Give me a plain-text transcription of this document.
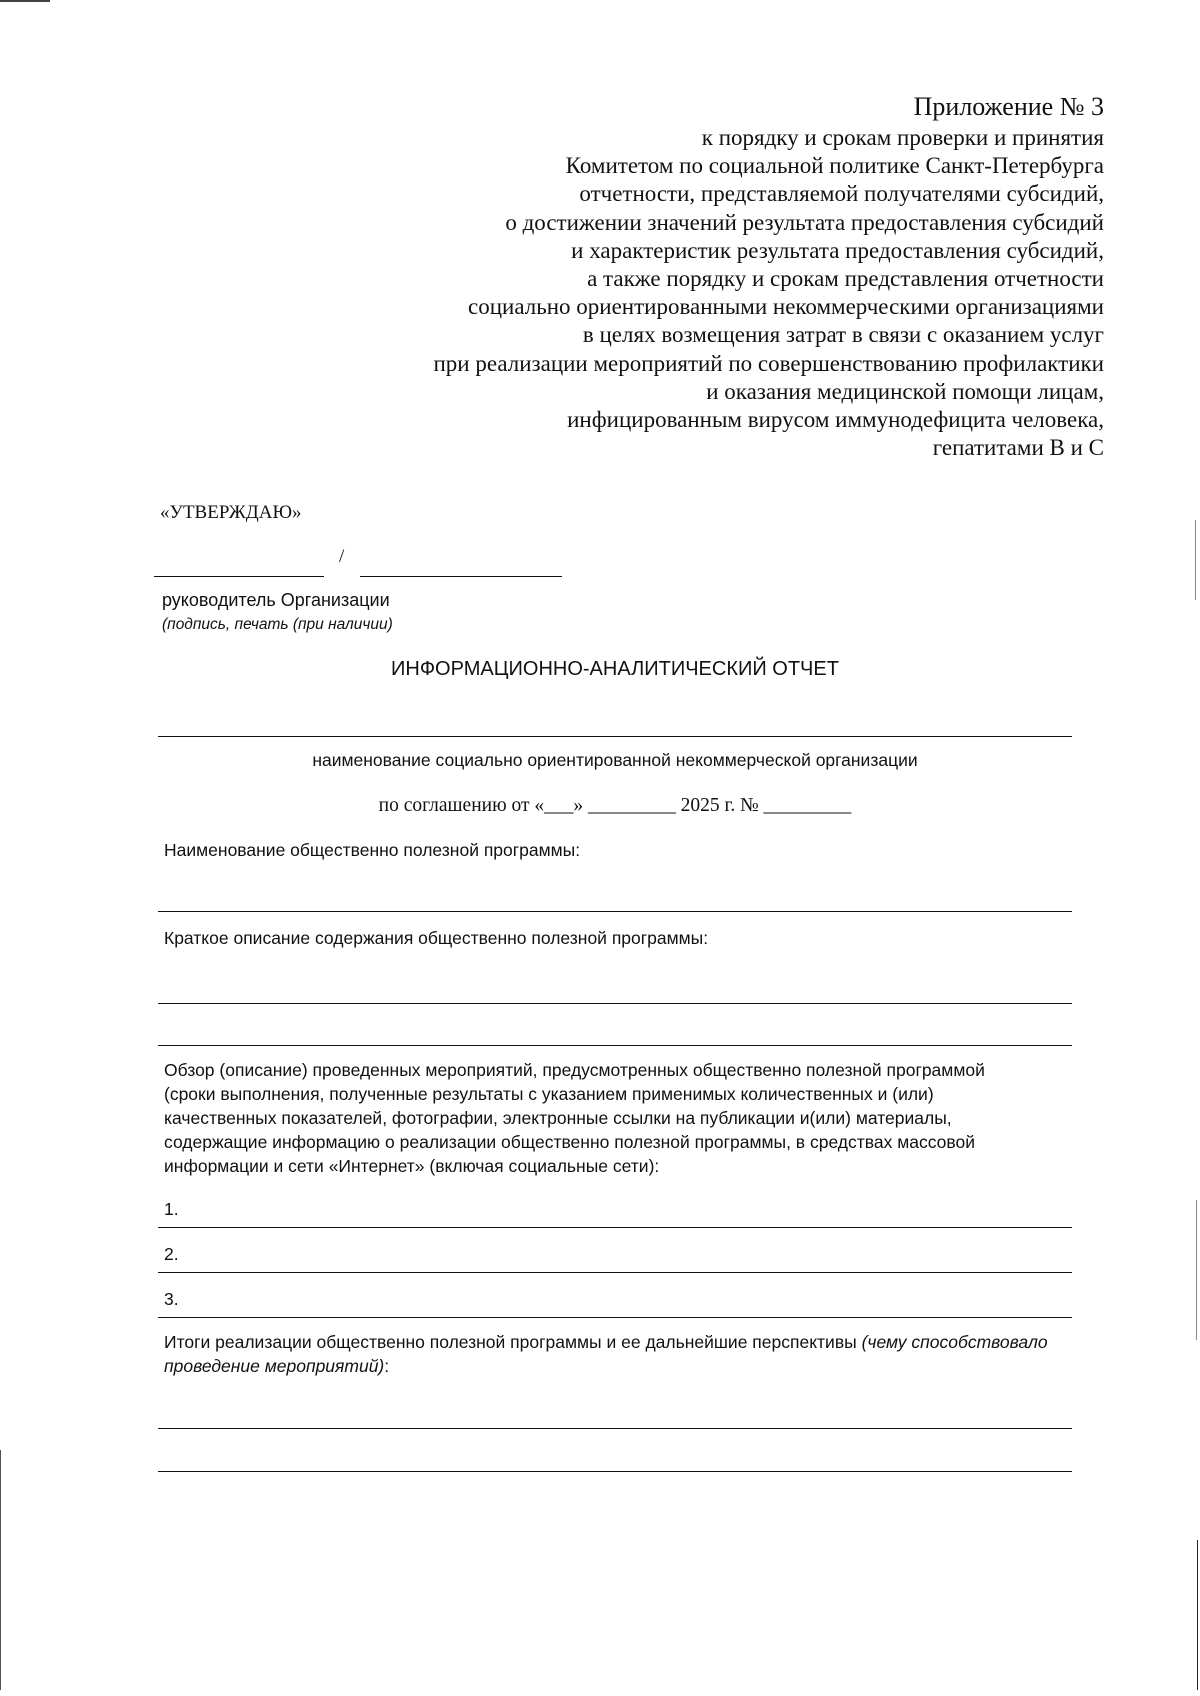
Приложение № 3
к порядку и срокам проверки и принятия
Комитетом по социальной политике Санкт-Петербурга
отчетности, представляемой получателями субсидий,
о достижении значений результата предоставления субсидий
и характеристик результата предоставления субсидий,
а также порядку и срокам представления отчетности
социально ориентированными некоммерческими организациями
в целях возмещения затрат в связи с оказанием услуг
при реализации мероприятий по совершенствованию профилактики
и оказания медицинской помощи лицам,
инфицированным вирусом иммунодефицита человека,
гепатитами В и С
«УТВЕРЖДАЮ»
/
руководитель Организации
(подпись, печать (при наличии)
ИНФОРМАЦИОННО-АНАЛИТИЧЕСКИЙ ОТЧЕТ
наименование социально ориентированной некоммерческой организации
по соглашению от «___» _________ 2025 г. № _________
Наименование общественно полезной программы:
Краткое описание содержания общественно полезной программы:
Обзор (описание) проведенных мероприятий, предусмотренных общественно полезной программой
(сроки выполнения, полученные результаты с указанием применимых количественных и (или)
качественных показателей, фотографии, электронные ссылки на публикации и(или) материалы,
содержащие информацию о реализации общественно полезной программы, в средствах массовой
информации и сети «Интернет» (включая социальные сети):
1.
2.
3.
Итоги реализации общественно полезной программы и ее дальнейшие перспективы (чему способствовало проведение мероприятий):
